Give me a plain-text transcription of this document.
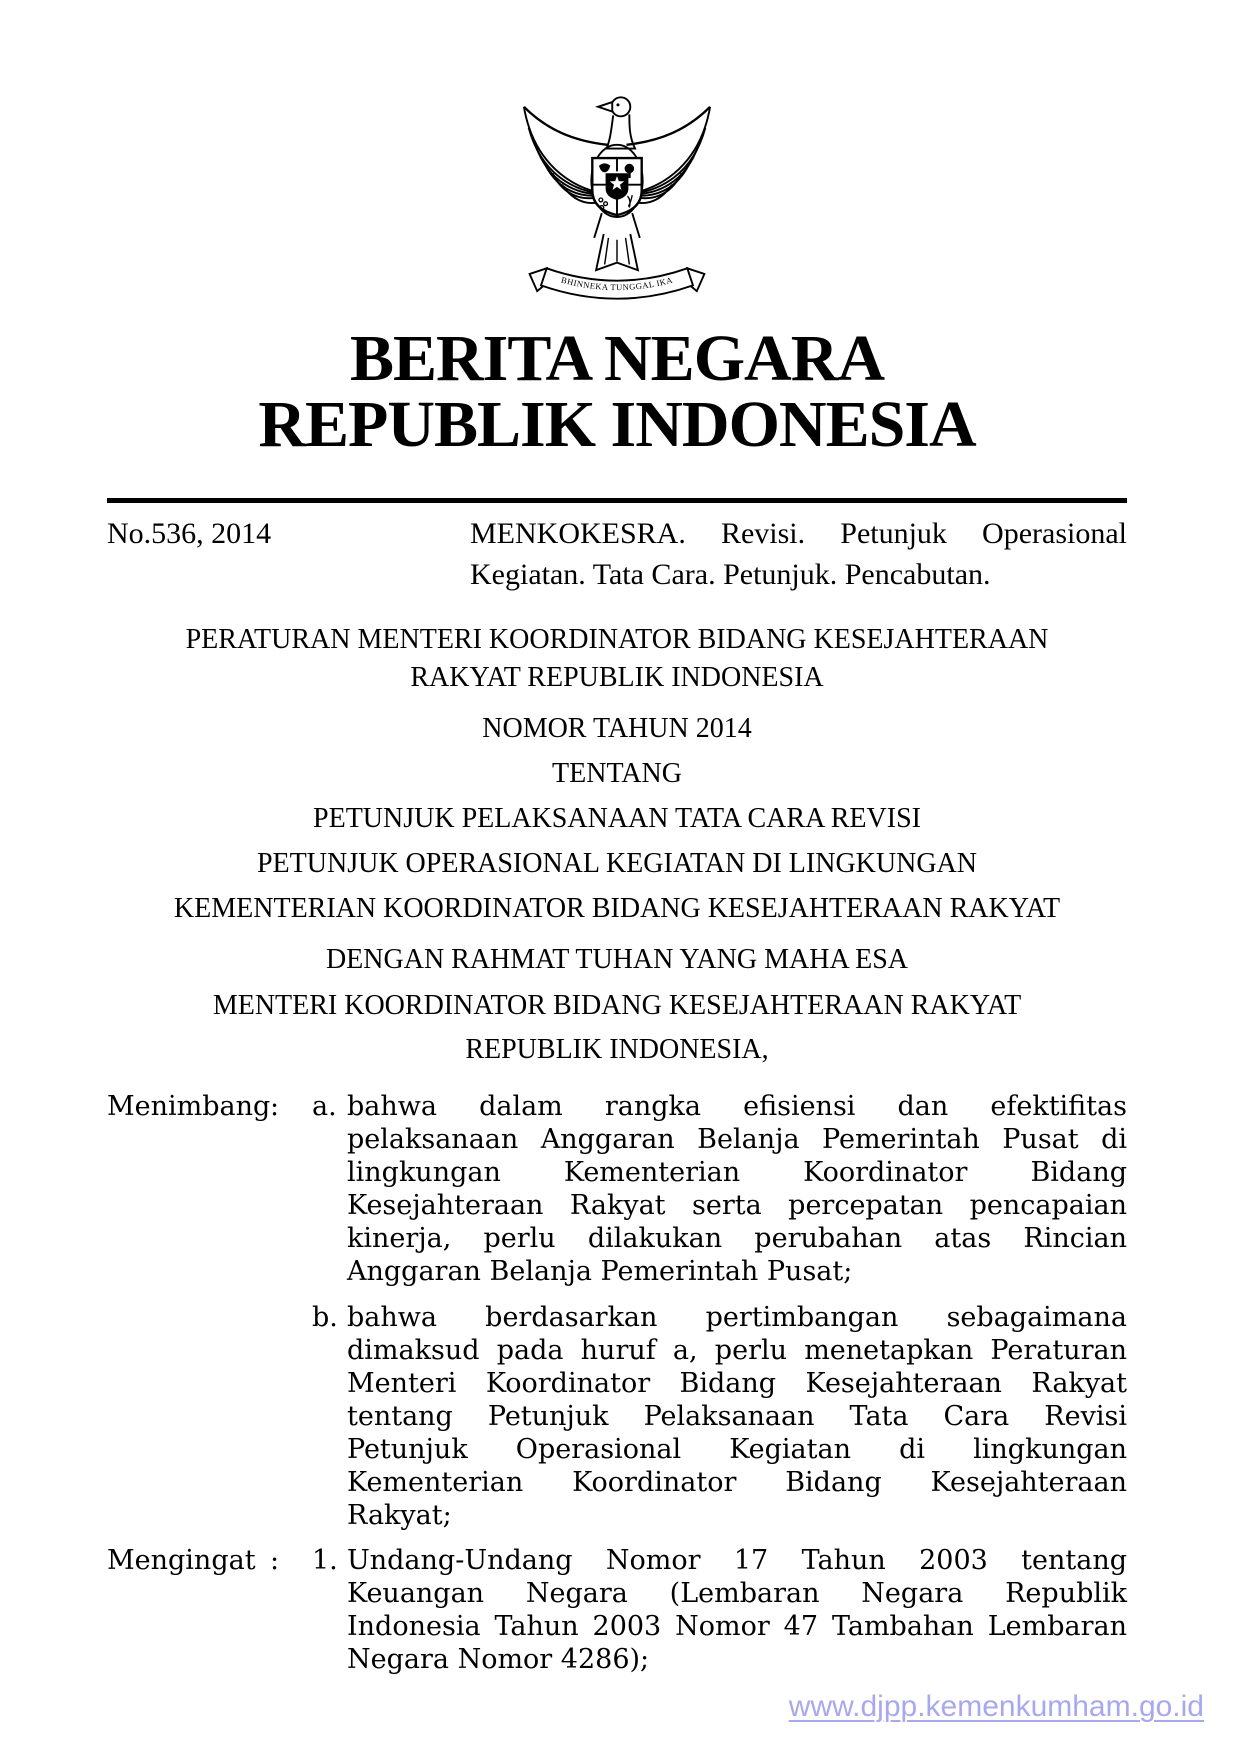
BHINNEKA TUNGGAL IKA
BERITA NEGARA
REPUBLIK INDONESIA
No.536, 2014	MENKOKESRA. Revisi. Petunjuk Operasional
Kegiatan. Tata Cara. Petunjuk. Pencabutan.
PERATURAN MENTERI KOORDINATOR BIDANG KESEJAHTERAAN
RAKYAT REPUBLIK INDONESIA
NOMOR TAHUN 2014
TENTANG
PETUNJUK PELAKSANAAN TATA CARA REVISI
PETUNJUK OPERASIONAL KEGIATAN DI LINGKUNGAN
KEMENTERIAN KOORDINATOR BIDANG KESEJAHTERAAN RAKYAT
DENGAN RAHMAT TUHAN YANG MAHA ESA
MENTERI KOORDINATOR BIDANG KESEJAHTERAAN RAKYAT
REPUBLIK INDONESIA,
Menimbang :	a. bahwa dalam rangka efisiensi dan efektifitas
pelaksanaan Anggaran Belanja Pemerintah Pusat di
lingkungan Kementerian Koordinator Bidang
Kesejahteraan Rakyat serta percepatan pencapaian
kinerja, perlu dilakukan perubahan atas Rincian
Anggaran Belanja Pemerintah Pusat;
b. bahwa berdasarkan pertimbangan sebagaimana
dimaksud pada huruf a, perlu menetapkan Peraturan
Menteri Koordinator Bidang Kesejahteraan Rakyat
tentang Petunjuk Pelaksanaan Tata Cara Revisi
Petunjuk Operasional Kegiatan di lingkungan
Kementerian Koordinator Bidang Kesejahteraan
Rakyat;
Mengingat :	1. Undang-Undang Nomor 17 Tahun 2003 tentang
Keuangan Negara (Lembaran Negara Republik
Indonesia Tahun 2003 Nomor 47 Tambahan Lembaran
Negara Nomor 4286);
www.djpp.kemenkumham.go.id
